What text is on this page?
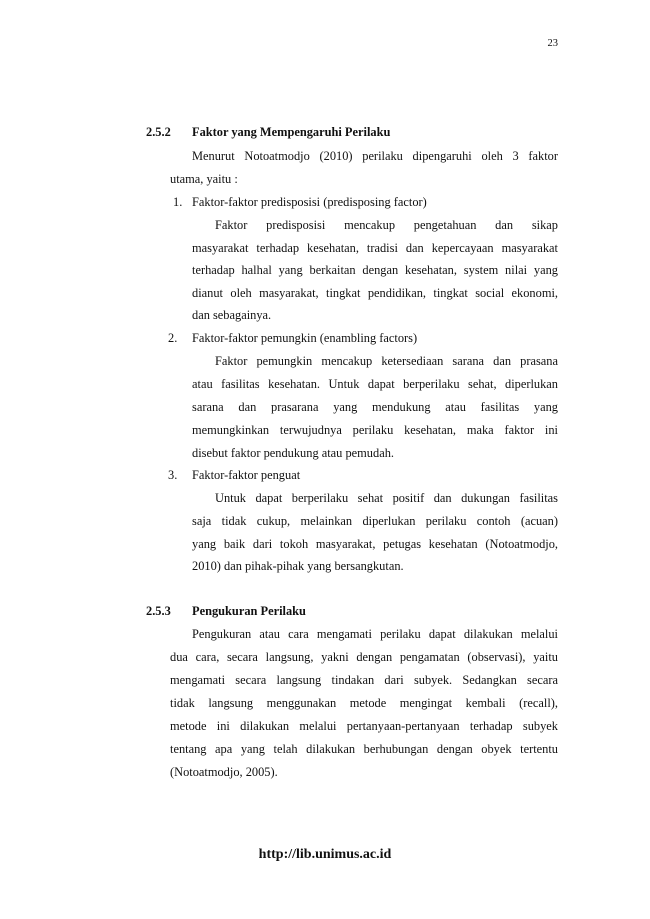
23
2.5.2 Faktor yang Mempengaruhi Perilaku
Menurut Notoatmodjo (2010) perilaku dipengaruhi oleh 3 faktor
utama, yaitu :
1. Faktor-faktor predisposisi (predisposing factor)
Faktor predisposisi mencakup pengetahuan dan sikap
masyarakat terhadap kesehatan, tradisi dan kepercayaan masyarakat
terhadap halhal yang berkaitan dengan kesehatan, system nilai yang
dianut oleh masyarakat, tingkat pendidikan, tingkat social ekonomi,
dan sebagainya.
2. Faktor-faktor pemungkin (enambling factors)
Faktor pemungkin mencakup ketersediaan sarana dan prasana
atau fasilitas kesehatan. Untuk dapat berperilaku sehat, diperlukan
sarana dan prasarana yang mendukung atau fasilitas yang
memungkinkan terwujudnya perilaku kesehatan, maka faktor ini
disebut faktor pendukung atau pemudah.
3. Faktor-faktor penguat
Untuk dapat berperilaku sehat positif dan dukungan fasilitas
saja tidak cukup, melainkan diperlukan perilaku contoh (acuan)
yang baik dari tokoh masyarakat, petugas kesehatan (Notoatmodjo,
2010) dan pihak-pihak yang bersangkutan.
2.5.3 Pengukuran Perilaku
Pengukuran atau cara mengamati perilaku dapat dilakukan melalui
dua cara, secara langsung, yakni dengan pengamatan (observasi), yaitu
mengamati secara langsung tindakan dari subyek. Sedangkan secara
tidak langsung menggunakan metode mengingat kembali (recall),
metode ini dilakukan melalui pertanyaan-pertanyaan terhadap subyek
tentang apa yang telah dilakukan berhubungan dengan obyek tertentu
(Notoatmodjo, 2005).
http://lib.unimus.ac.id
